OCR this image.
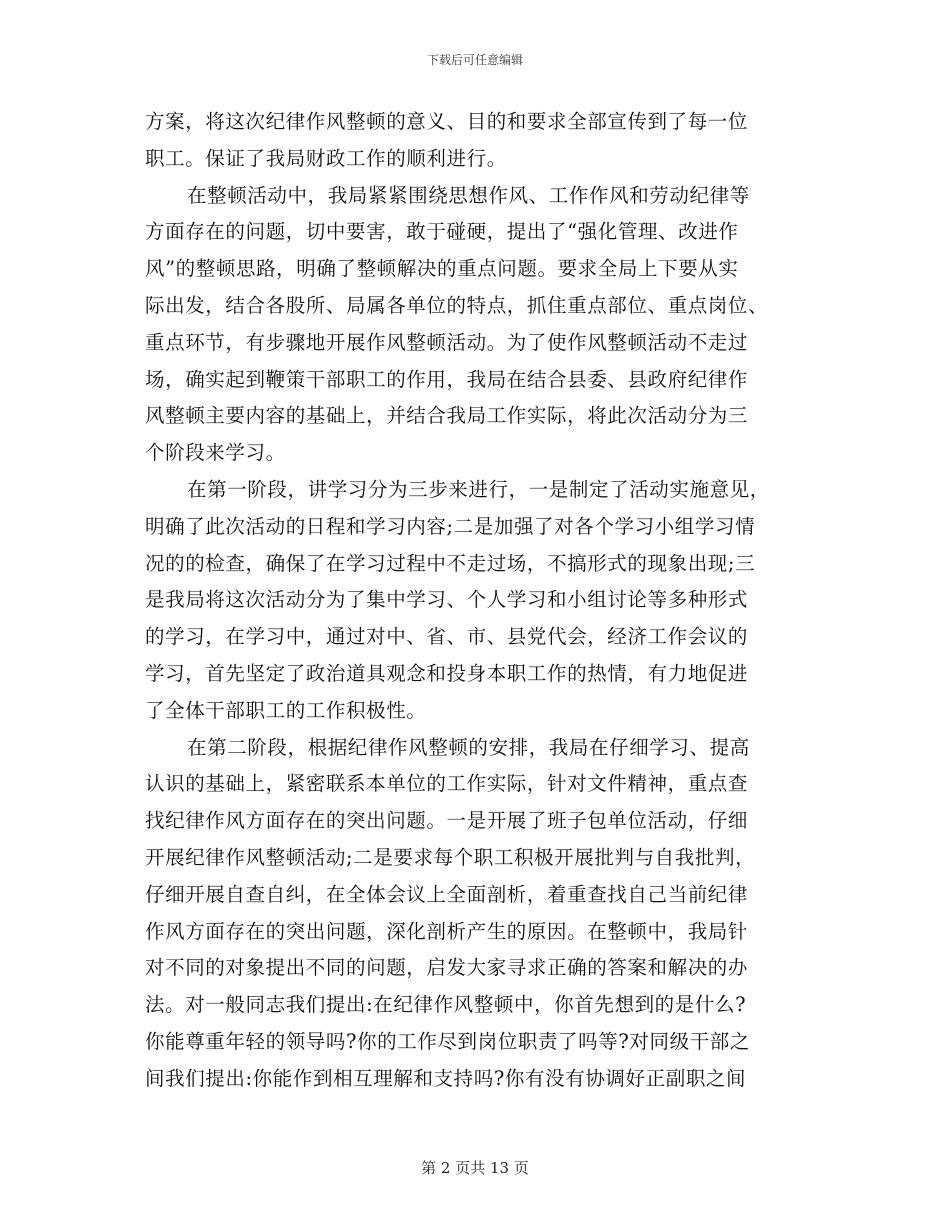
下载后可任意编辑
方案，将这次纪律作风整顿的意义、目的和要求全部宣传到了每一位
职工。保证了我局财政工作的顺利进行。
在整顿活动中，我局紧紧围绕思想作风、工作作风和劳动纪律等
方面存在的问题，切中要害，敢于碰硬，提出了“强化管理、改进作
风”的整顿思路，明确了整顿解决的重点问题。要求全局上下要从实
际出发，结合各股所、局属各单位的特点，抓住重点部位、重点岗位、
重点环节，有步骤地开展作风整顿活动。为了使作风整顿活动不走过
场，确实起到鞭策干部职工的作用，我局在结合县委、县政府纪律作
风整顿主要内容的基础上，并结合我局工作实际，将此次活动分为三
个阶段来学习。
在第一阶段，讲学习分为三步来进行，一是制定了活动实施意见，
明确了此次活动的日程和学习内容;二是加强了对各个学习小组学习情
况的的检查，确保了在学习过程中不走过场，不搞形式的现象出现;三
是我局将这次活动分为了集中学习、个人学习和小组讨论等多种形式
的学习，在学习中，通过对中、省、市、县党代会，经济工作会议的
学习，首先坚定了政治道具观念和投身本职工作的热情，有力地促进
了全体干部职工的工作积极性。
在第二阶段，根据纪律作风整顿的安排，我局在仔细学习、提高
认识的基础上，紧密联系本单位的工作实际，针对文件精神，重点查
找纪律作风方面存在的突出问题。一是开展了班子包单位活动，仔细
开展纪律作风整顿活动;二是要求每个职工积极开展批判与自我批判，
仔细开展自查自纠，在全体会议上全面剖析，着重查找自己当前纪律
作风方面存在的突出问题，深化剖析产生的原因。在整顿中，我局针
对不同的对象提出不同的问题，启发大家寻求正确的答案和解决的办
法。对一般同志我们提出:在纪律作风整顿中，你首先想到的是什么?
你能尊重年轻的领导吗?你的工作尽到岗位职责了吗等?对同级干部之
间我们提出:你能作到相互理解和支持吗?你有没有协调好正副职之间
第 2 页共 13 页
